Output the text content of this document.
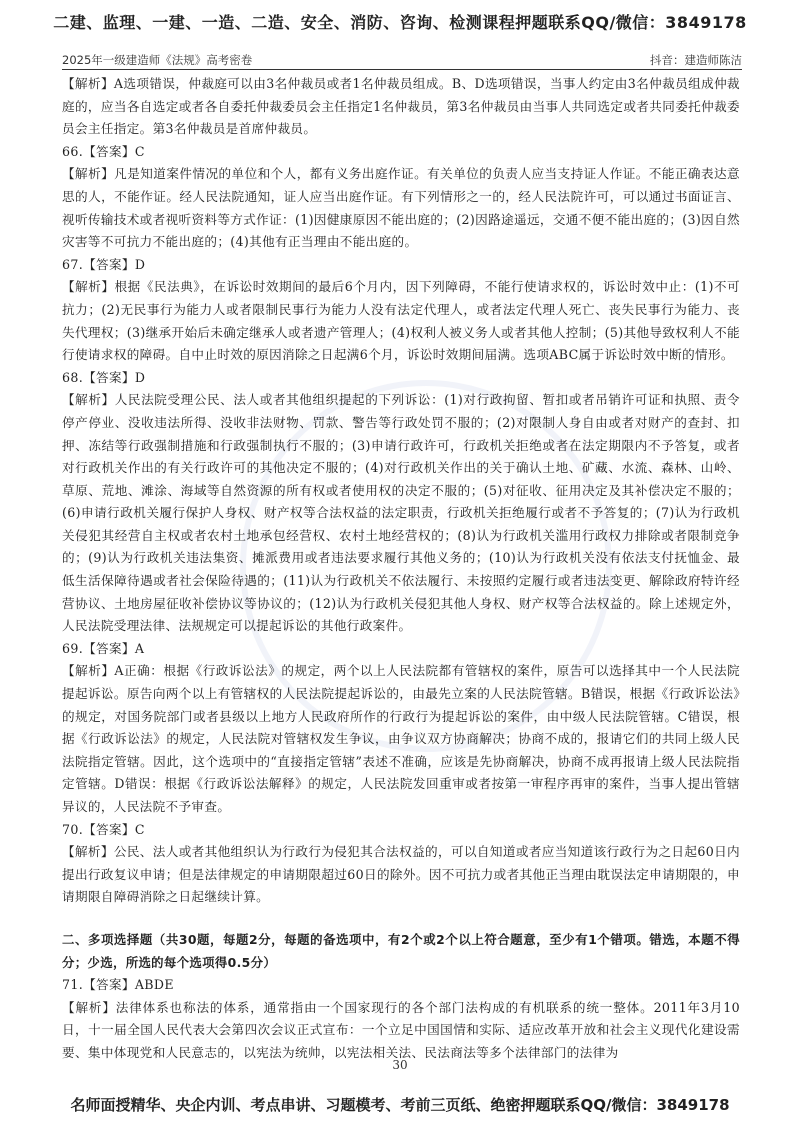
二建、监理、一建、一造、二造、安全、消防、咨询、检测课程押题联系QQ/微信：3849178
2025年一级建造师《法规》高考密卷	抖音：建造师陈洁

【解析】A选项错误，仲裁庭可以由3名仲裁员或者1名仲裁员组成。B、D选项错误，当事人约定由3名仲裁员组成仲裁庭的，应当各自选定或者各自委托仲裁委员会主任指定1名仲裁员，第3名仲裁员由当事人共同选定或者共同委托仲裁委员会主任指定。第3名仲裁员是首席仲裁员。

66.【答案】C

【解析】凡是知道案件情况的单位和个人，都有义务出庭作证。有关单位的负责人应当支持证人作证。不能正确表达意思的人，不能作证。经人民法院通知，证人应当出庭作证。有下列情形之一的，经人民法院许可，可以通过书面证言、视听传输技术或者视听资料等方式作证：(1)因健康原因不能出庭的；(2)因路途遥远，交通不便不能出庭的；(3)因自然灾害等不可抗力不能出庭的；(4)其他有正当理由不能出庭的。

67.【答案】D

【解析】根据《民法典》，在诉讼时效期间的最后6个月内，因下列障碍，不能行使请求权的，诉讼时效中止：(1)不可抗力；(2)无民事行为能力人或者限制民事行为能力人没有法定代理人，或者法定代理人死亡、丧失民事行为能力、丧失代理权；(3)继承开始后未确定继承人或者遗产管理人；(4)权利人被义务人或者其他人控制；(5)其他导致权利人不能行使请求权的障碍。自中止时效的原因消除之日起满6个月，诉讼时效期间届满。选项ABC属于诉讼时效中断的情形。

68.【答案】D

【解析】人民法院受理公民、法人或者其他组织提起的下列诉讼：(1)对行政拘留、暂扣或者吊销许可证和执照、责令停产停业、没收违法所得、没收非法财物、罚款、警告等行政处罚不服的；(2)对限制人身自由或者对财产的查封、扣押、冻结等行政强制措施和行政强制执行不服的；(3)申请行政许可，行政机关拒绝或者在法定期限内不予答复，或者对行政机关作出的有关行政许可的其他决定不服的；(4)对行政机关作出的关于确认土地、矿藏、水流、森林、山岭、草原、荒地、滩涂、海域等自然资源的所有权或者使用权的决定不服的；(5)对征收、征用决定及其补偿决定不服的；(6)申请行政机关履行保护人身权、财产权等合法权益的法定职责，行政机关拒绝履行或者不予答复的；(7)认为行政机关侵犯其经营自主权或者农村土地承包经营权、农村土地经营权的；(8)认为行政机关滥用行政权力排除或者限制竞争的；(9)认为行政机关违法集资、摊派费用或者违法要求履行其他义务的；(10)认为行政机关没有依法支付抚恤金、最低生活保障待遇或者社会保险待遇的；(11)认为行政机关不依法履行、未按照约定履行或者违法变更、解除政府特许经营协议、土地房屋征收补偿协议等协议的；(12)认为行政机关侵犯其他人身权、财产权等合法权益的。除上述规定外，人民法院受理法律、法规规定可以提起诉讼的其他行政案件。

69.【答案】A

【解析】A正确：根据《行政诉讼法》的规定，两个以上人民法院都有管辖权的案件，原告可以选择其中一个人民法院提起诉讼。原告向两个以上有管辖权的人民法院提起诉讼的，由最先立案的人民法院管辖。B错误，根据《行政诉讼法》的规定，对国务院部门或者县级以上地方人民政府所作的行政行为提起诉讼的案件，由中级人民法院管辖。C错误，根据《行政诉讼法》的规定，人民法院对管辖权发生争议，由争议双方协商解决；协商不成的，报请它们的共同上级人民法院指定管辖。因此，这个选项中的“直接指定管辖”表述不准确，应该是先协商解决，协商不成再报请上级人民法院指定管辖。D错误：根据《行政诉讼法解释》的规定，人民法院发回重审或者按第一审程序再审的案件，当事人提出管辖异议的，人民法院不予审查。

70.【答案】C

【解析】公民、法人或者其他组织认为行政行为侵犯其合法权益的，可以自知道或者应当知道该行政行为之日起60日内提出行政复议申请；但是法律规定的申请期限超过60日的除外。因不可抗力或者其他正当理由耽误法定申请期限的，申请期限自障碍消除之日起继续计算。

二、多项选择题（共30题，每题2分，每题的备选项中，有2个或2个以上符合题意，至少有1个错项。错选，本题不得分；少选，所选的每个选项得0.5分）

71.【答案】ABDE

【解析】法律体系也称法的体系，通常指由一个国家现行的各个部门法构成的有机联系的统一整体。2011年3月10日，十一届全国人民代表大会第四次会议正式宣布：一个立足中国国情和实际、适应改革开放和社会主义现代化建设需要、集中体现党和人民意志的，以宪法为统帅，以宪法相关法、民法商法等多个法律部门的法律为

30
名师面授精华、央企内训、考点串讲、习题模考、考前三页纸、绝密押题联系QQ/微信：3849178
